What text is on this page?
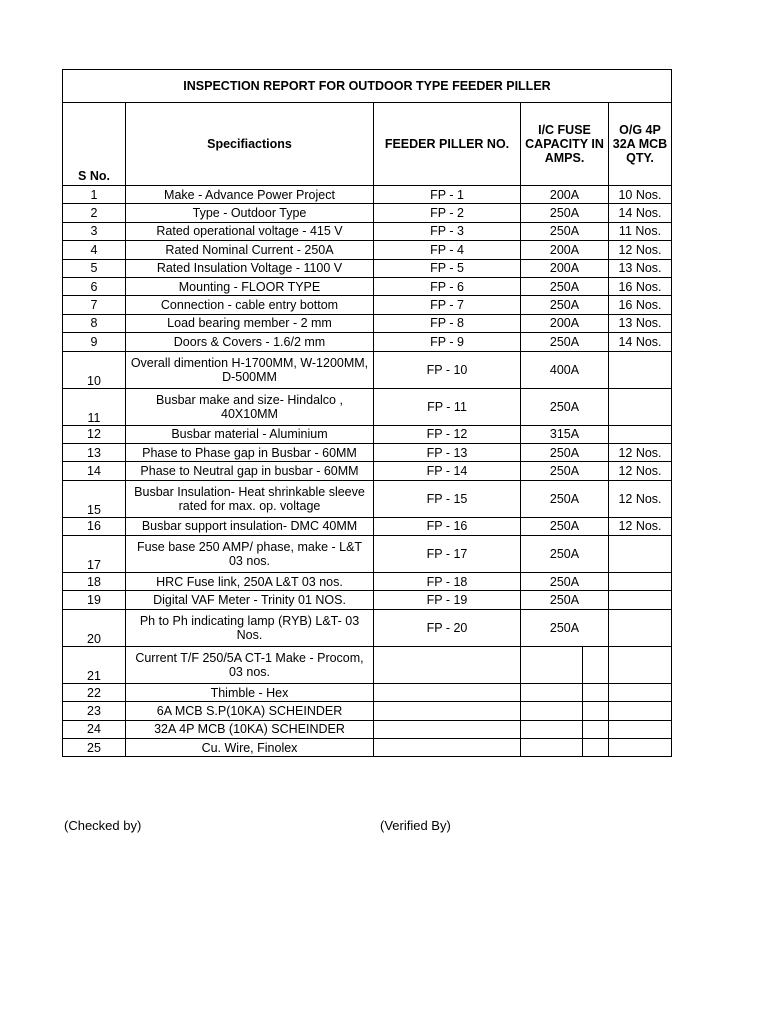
INSPECTION REPORT FOR OUTDOOR TYPE FEEDER PILLER					
S No.	Specifiactions	FEEDER PILLER NO.	I/C FUSE CAPACITY IN AMPS.		O/G 4P 32A MCB QTY.
1	Make - Advance Power Project	FP - 1	200A		10 Nos.
2	Type - Outdoor Type	FP - 2	250A		14 Nos.
3	Rated operational voltage - 415 V	FP - 3	250A		11 Nos.
4	Rated Nominal Current - 250A	FP - 4	200A		12 Nos.
5	Rated Insulation Voltage - 1100 V	FP - 5	200A		13 Nos.
6	Mounting - FLOOR TYPE	FP - 6	250A		16 Nos.
7	Connection - cable entry bottom	FP - 7	250A		16 Nos.
8	Load bearing member - 2 mm	FP - 8	200A		13 Nos.
9	Doors & Covers - 1.6/2 mm	FP - 9	250A		14 Nos.
10	Overall dimention H-1700MM, W-1200MM, D-500MM	FP - 10	400A		
11	Busbar make and size- Hindalco , 40X10MM	FP - 11	250A		
12	Busbar material - Aluminium	FP - 12	315A		
13	Phase to Phase gap in Busbar - 60MM	FP - 13	250A		12 Nos.
14	Phase to Neutral gap in busbar - 60MM	FP - 14	250A		12 Nos.
15	Busbar Insulation- Heat shrinkable sleeve rated for max. op. voltage	FP - 15	250A		12 Nos.
16	Busbar support insulation- DMC 40MM	FP - 16	250A		12 Nos.
17	Fuse base 250 AMP/ phase, make - L&T 03 nos.	FP - 17	250A		
18	HRC Fuse link, 250A L&T 03 nos.	FP - 18	250A		
19	Digital VAF Meter - Trinity 01 NOS.	FP - 19	250A		
20	Ph to Ph indicating lamp (RYB) L&T- 03 Nos.	FP - 20	250A		
21	Current T/F 250/5A CT-1 Make - Procom, 03 nos.				
22	Thimble - Hex				
23	6A MCB S.P(10KA) SCHEINDER				
24	32A 4P MCB (10KA) SCHEINDER				
25	Cu. Wire, Finolex				
(Checked by)	(Verified By)
